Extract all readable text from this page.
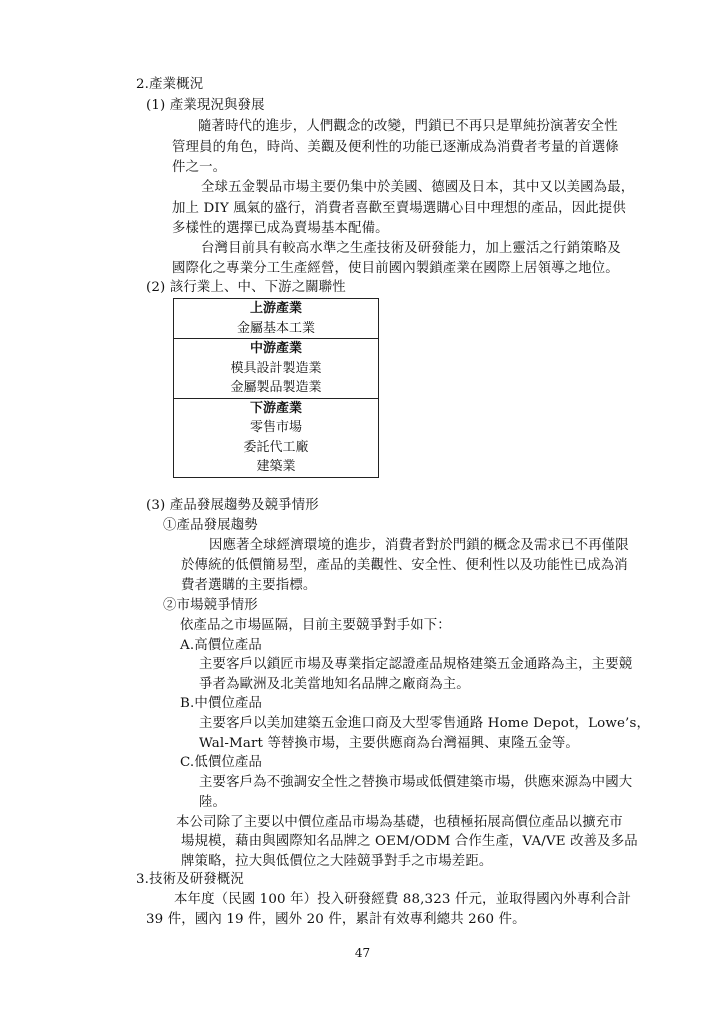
2.產業概況
(1) 產業現況與發展
隨著時代的進步，人們觀念的改變，門鎖已不再只是單純扮演著安全性
管理員的角色，時尚、美觀及便利性的功能已逐漸成為消費者考量的首選條
件之一。
全球五金製品市場主要仍集中於美國、德國及日本，其中又以美國為最，
加上 DIY 風氣的盛行，消費者喜歡至賣場選購心目中理想的產品，因此提供
多樣性的選擇已成為賣場基本配備。
台灣目前具有較高水準之生產技術及研發能力，加上靈活之行銷策略及
國際化之專業分工生產經營，使目前國內製鎖產業在國際上居領導之地位。
(2) 該行業上、中、下游之關聯性
上游產業
金屬基本工業
中游產業
模具設計製造業
金屬製品製造業
下游產業
零售市場
委託代工廠
建築業
(3) 產品發展趨勢及競爭情形
①產品發展趨勢
因應著全球經濟環境的進步，消費者對於門鎖的概念及需求已不再僅限
於傳統的低價簡易型，產品的美觀性、安全性、便利性以及功能性已成為消
費者選購的主要指標。
②市場競爭情形
依產品之市場區隔，目前主要競爭對手如下：
A.高價位產品
主要客戶以鎖匠市場及專業指定認證產品規格建築五金通路為主，主要競
爭者為歐洲及北美當地知名品牌之廠商為主。
B.中價位產品
主要客戶以美加建築五金進口商及大型零售通路 Home Depot，Lowe’s，
Wal-Mart 等替換市場，主要供應商為台灣福興、東隆五金等。
C.低價位產品
主要客戶為不強調安全性之替換市場或低價建築市場，供應來源為中國大
陸。
本公司除了主要以中價位產品市場為基礎，也積極拓展高價位產品以擴充市
場規模，藉由與國際知名品牌之 OEM/ODM 合作生產，VA/VE 改善及多品
牌策略，拉大與低價位之大陸競爭對手之市場差距。
3.技術及研發概況
本年度（民國 100 年）投入研發經費 88,323 仟元，並取得國內外專利合計
39 件，國內 19 件，國外 20 件，累計有效專利總共 260 件。
47
